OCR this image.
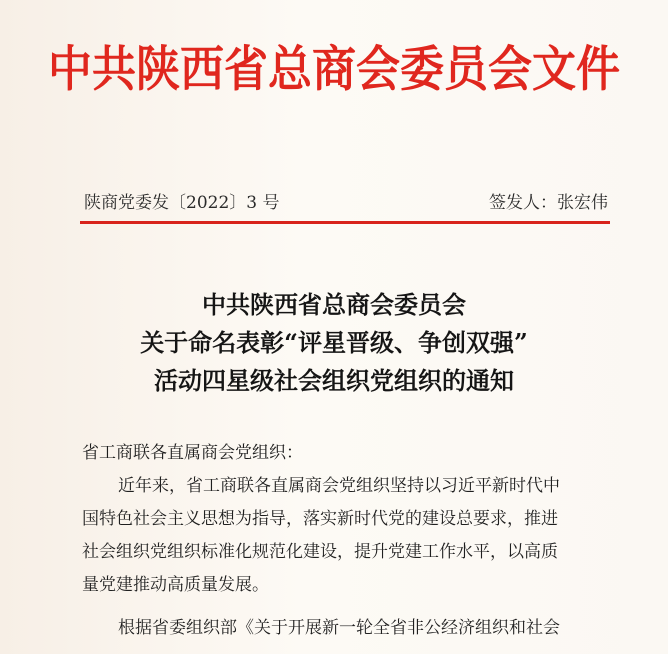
中共陕西省总商会委员会文件
陕商党委发〔2022〕3 号	签发人：张宏伟
中共陕西省总商会委员会
关于命名表彰“评星晋级、争创双强”
活动四星级社会组织党组织的通知
省工商联各直属商会党组织：
近年来，省工商联各直属商会党组织坚持以习近平新时代中
国特色社会主义思想为指导，落实新时代党的建设总要求，推进
社会组织党组织标准化规范化建设，提升党建工作水平，以高质
量党建推动高质量发展。
根据省委组织部《关于开展新一轮全省非公经济组织和社会
